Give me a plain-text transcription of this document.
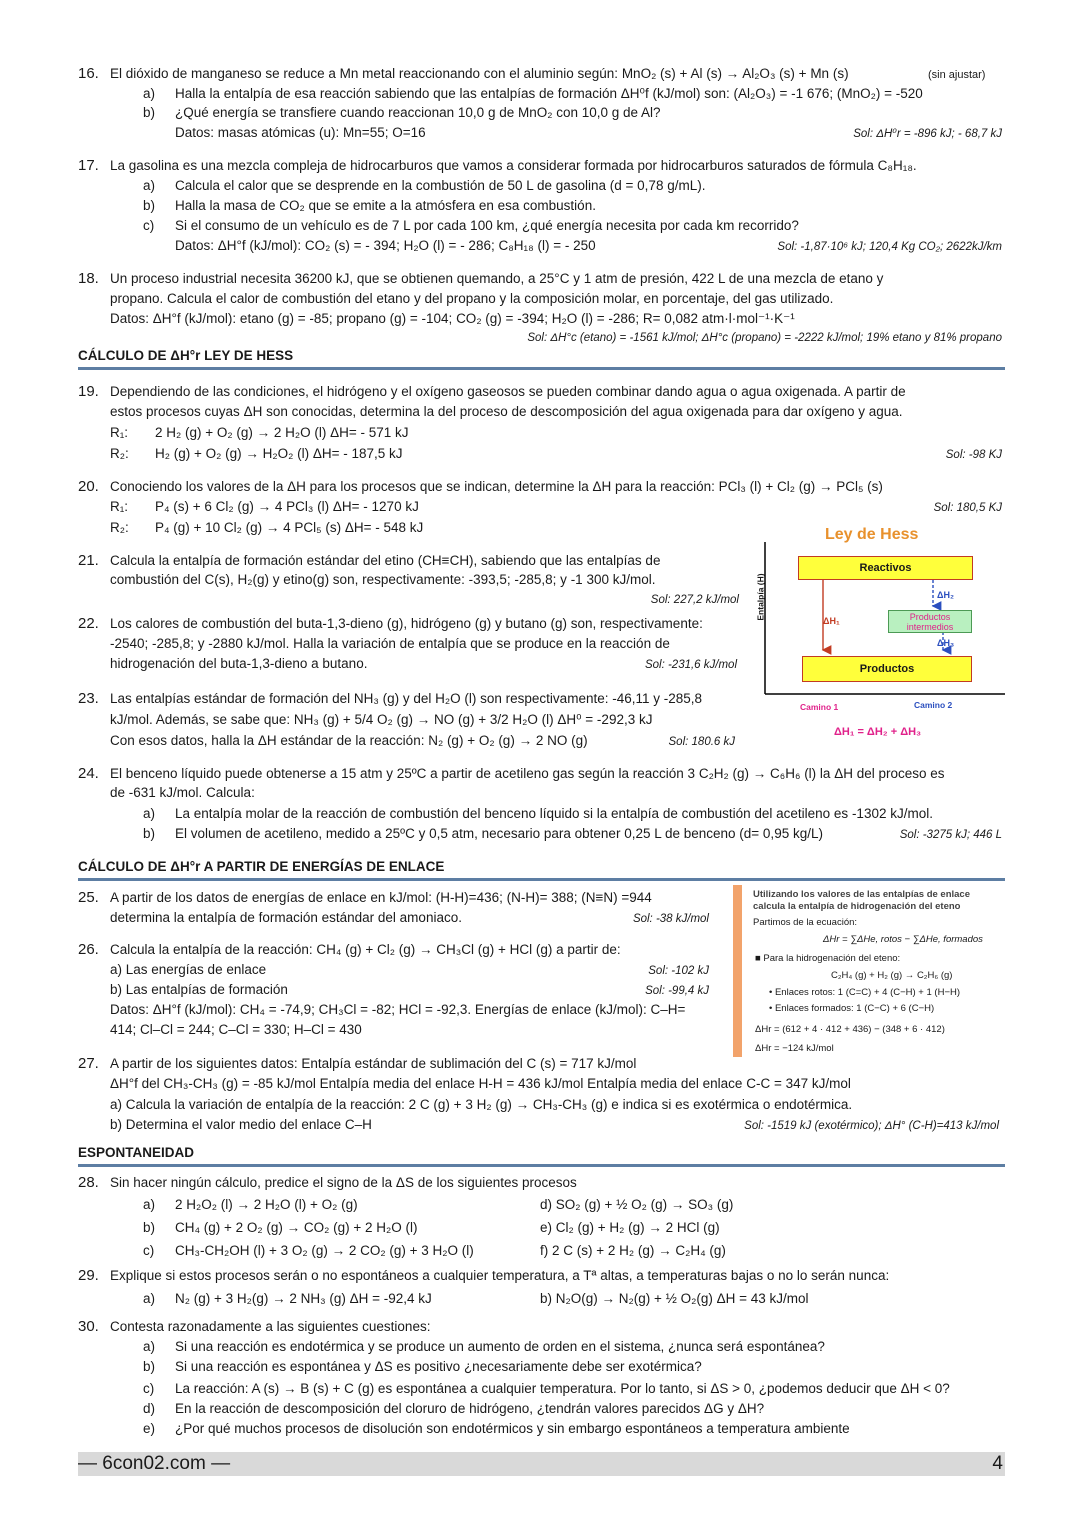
16. El dióxido de manganeso se reduce a Mn metal reaccionando con el aluminio según: MnO₂ (s) + Al (s) → Al₂O₃ (s) + Mn (s)	(sin ajustar)
a) Halla la entalpía de esa reacción sabiendo que las entalpías de formación ΔH⁰f (kJ/mol) son: (Al₂O₃) = -1 676; (MnO₂) = -520
b) ¿Qué energía se transfiere cuando reaccionan 10,0 g de MnO₂ con 10,0 g de Al?
Datos: masas atómicas (u): Mn=55; O=16	Sol: ΔH⁰r = -896 kJ; - 68,7 kJ
17. La gasolina es una mezcla compleja de hidrocarburos que vamos a considerar formada por hidrocarburos saturados de fórmula C₈H₁₈.
a) Calcula el calor que se desprende en la combustión de 50 L de gasolina (d = 0,78 g/mL).
b) Halla la masa de CO₂ que se emite a la atmósfera en esa combustión.
c) Si el consumo de un vehículo es de 7 L por cada 100 km, ¿qué energía necesita por cada km recorrido?
Datos: ΔH°f (kJ/mol): CO₂ (s) = - 394; H₂O (l) = - 286; C₈H₁₈ (l) = - 250	Sol: -1,87·10⁶ kJ; 120,4 Kg CO₂; 2622kJ/km
18. Un proceso industrial necesita 36200 kJ, que se obtienen quemando, a 25°C y 1 atm de presión, 422 L de una mezcla de etano y
propano. Calcula el calor de combustión del etano y del propano y la composición molar, en porcentaje, del gas utilizado.
Datos: ΔH°f (kJ/mol): etano (g) = -85; propano (g) = -104; CO₂ (g) = -394; H₂O (l) = -286; R= 0,082 atm·l·mol⁻¹·K⁻¹
Sol: ΔH°c (etano) = -1561 kJ/mol; ΔH°c (propano) = -2222 kJ/mol; 19% etano y 81% propano
CÁLCULO DE ΔH°r LEY DE HESS
19. Dependiendo de las condiciones, el hidrógeno y el oxígeno gaseosos se pueden combinar dando agua o agua oxigenada. A partir de
estos procesos cuyas ΔH son conocidas, determina la del proceso de descomposición del agua oxigenada para dar oxígeno y agua.
R₁: 2 H₂ (g) + O₂ (g) → 2 H₂O (l) ΔH= - 571 kJ
R₂: H₂ (g) + O₂ (g) → H₂O₂ (l) ΔH= - 187,5 kJ	Sol: -98 KJ
20. Conociendo los valores de la ΔH para los procesos que se indican, determine la ΔH para la reacción: PCl₃ (l) + Cl₂ (g) → PCl₅ (s)
R₁: P₄ (s) + 6 Cl₂ (g) → 4 PCl₃ (l) ΔH= - 1270 kJ	Sol: 180,5 KJ
R₂: P₄ (g) + 10 Cl₂ (g) → 4 PCl₅ (s) ΔH= - 548 kJ
21. Calcula la entalpía de formación estándar del etino (CH≡CH), sabiendo que las entalpías de
combustión del C(s), H₂(g) y etino(g) son, respectivamente: -393,5; -285,8; y -1 300 kJ/mol.
Sol: 227,2 kJ/mol
22. Los calores de combustión del buta-1,3-dieno (g), hidrógeno (g) y butano (g) son, respectivamente:
-2540; -285,8; y -2880 kJ/mol. Halla la variación de entalpía que se produce en la reacción de
hidrogenación del buta-1,3-dieno a butano.	Sol: -231,6 kJ/mol
23. Las entalpías estándar de formación del NH₃ (g) y del H₂O (l) son respectivamente: -46,11 y -285,8
kJ/mol. Además, se sabe que: NH₃ (g) + 5/4 O₂ (g) → NO (g) + 3/2 H₂O (l) ΔH⁰ = -292,3 kJ
Con esos datos, halla la ΔH estándar de la reacción: N₂ (g) + O₂ (g) → 2 NO (g)	Sol: 180.6 kJ
Ley de Hess
Entalpía (H)
Reactivos
Productos intermedios
Productos
ΔH₁
ΔH₂
ΔH₃
Camino 1	Camino 2
ΔH₁ = ΔH₂ + ΔH₃
24. El benceno líquido puede obtenerse a 15 atm y 25ºC a partir de acetileno gas según la reacción 3 C₂H₂ (g) → C₆H₆ (l) la ΔH del proceso es
de -631 kJ/mol. Calcula:
a) La entalpía molar de la reacción de combustión del benceno líquido si la entalpía de combustión del acetileno es -1302 kJ/mol.
b) El volumen de acetileno, medido a 25ºC y 0,5 atm, necesario para obtener 0,25 L de benceno (d= 0,95 kg/L)	Sol: -3275 kJ; 446 L
CÁLCULO DE ΔH°r A PARTIR DE ENERGÍAS DE ENLACE
25. A partir de los datos de energías de enlace en kJ/mol: (H-H)=436; (N-H)= 388; (N≡N) =944
determina la entalpía de formación estándar del amoniaco.	Sol: -38 kJ/mol
26. Calcula la entalpía de la reacción: CH₄ (g) + Cl₂ (g) → CH₃Cl (g) + HCl (g) a partir de:
a) Las energías de enlace	Sol: -102 kJ
b) Las entalpías de formación	Sol: -99,4 kJ
Datos: ΔH°f (kJ/mol): CH₄ = -74,9; CH₃Cl = -82; HCl = -92,3. Energías de enlace (kJ/mol): C–H=
414; Cl–Cl = 244; C–Cl = 330; H–Cl = 430
Utilizando los valores de las entalpías de enlace
calcula la entalpía de hidrogenación del eteno
Partimos de la ecuación:
ΔHr = ∑ΔHe, rotos − ∑ΔHe, formados
■ Para la hidrogenación del eteno:
C₂H₄ (g) + H₂ (g) → C₂H₆ (g)
• Enlaces rotos: 1 (C=C) + 4 (C−H) + 1 (H−H)
• Enlaces formados: 1 (C−C) + 6 (C−H)
ΔHr = (612 + 4 · 412 + 436) − (348 + 6 · 412)
ΔHr = −124 kJ/mol
27. A partir de los siguientes datos: Entalpía estándar de sublimación del C (s) = 717 kJ/mol
ΔH°f del CH₃-CH₃ (g) = -85 kJ/mol Entalpía media del enlace H-H = 436 kJ/mol Entalpía media del enlace C-C = 347 kJ/mol
a) Calcula la variación de entalpía de la reacción: 2 C (g) + 3 H₂ (g) → CH₃-CH₃ (g) e indica si es exotérmica o endotérmica.
b) Determina el valor medio del enlace C–H	Sol: -1519 kJ (exotérmico); ΔH° (C-H)=413 kJ/mol
ESPONTANEIDAD
28. Sin hacer ningún cálculo, predice el signo de la ΔS de los siguientes procesos
a) 2 H₂O₂ (l) → 2 H₂O (l) + O₂ (g)	d) SO₂ (g) + ½ O₂ (g) → SO₃ (g)
b) CH₄ (g) + 2 O₂ (g) → CO₂ (g) + 2 H₂O (l)	e) Cl₂ (g) + H₂ (g) → 2 HCl (g)
c) CH₃-CH₂OH (l) + 3 O₂ (g) → 2 CO₂ (g) + 3 H₂O (l)	f) 2 C (s) + 2 H₂ (g) → C₂H₄ (g)
29. Explique si estos procesos serán o no espontáneos a cualquier temperatura, a Tª altas, a temperaturas bajas o no lo serán nunca:
a) N₂ (g) + 3 H₂(g) → 2 NH₃ (g) ΔH = -92,4 kJ	b) N₂O(g) → N₂(g) + ½ O₂(g) ΔH = 43 kJ/mol
30. Contesta razonadamente a las siguientes cuestiones:
a) Si una reacción es endotérmica y se produce un aumento de orden en el sistema, ¿nunca será espontánea?
b) Si una reacción es espontánea y ΔS es positivo ¿necesariamente debe ser exotérmica?
c) La reacción: A (s) → B (s) + C (g) es espontánea a cualquier temperatura. Por lo tanto, si ΔS > 0, ¿podemos deducir que ΔH < 0?
d) En la reacción de descomposición del cloruro de hidrógeno, ¿tendrán valores parecidos ΔG y ΔH?
e) ¿Por qué muchos procesos de disolución son endotérmicos y sin embargo espontáneos a temperatura ambiente
— 6con02.com —	4
